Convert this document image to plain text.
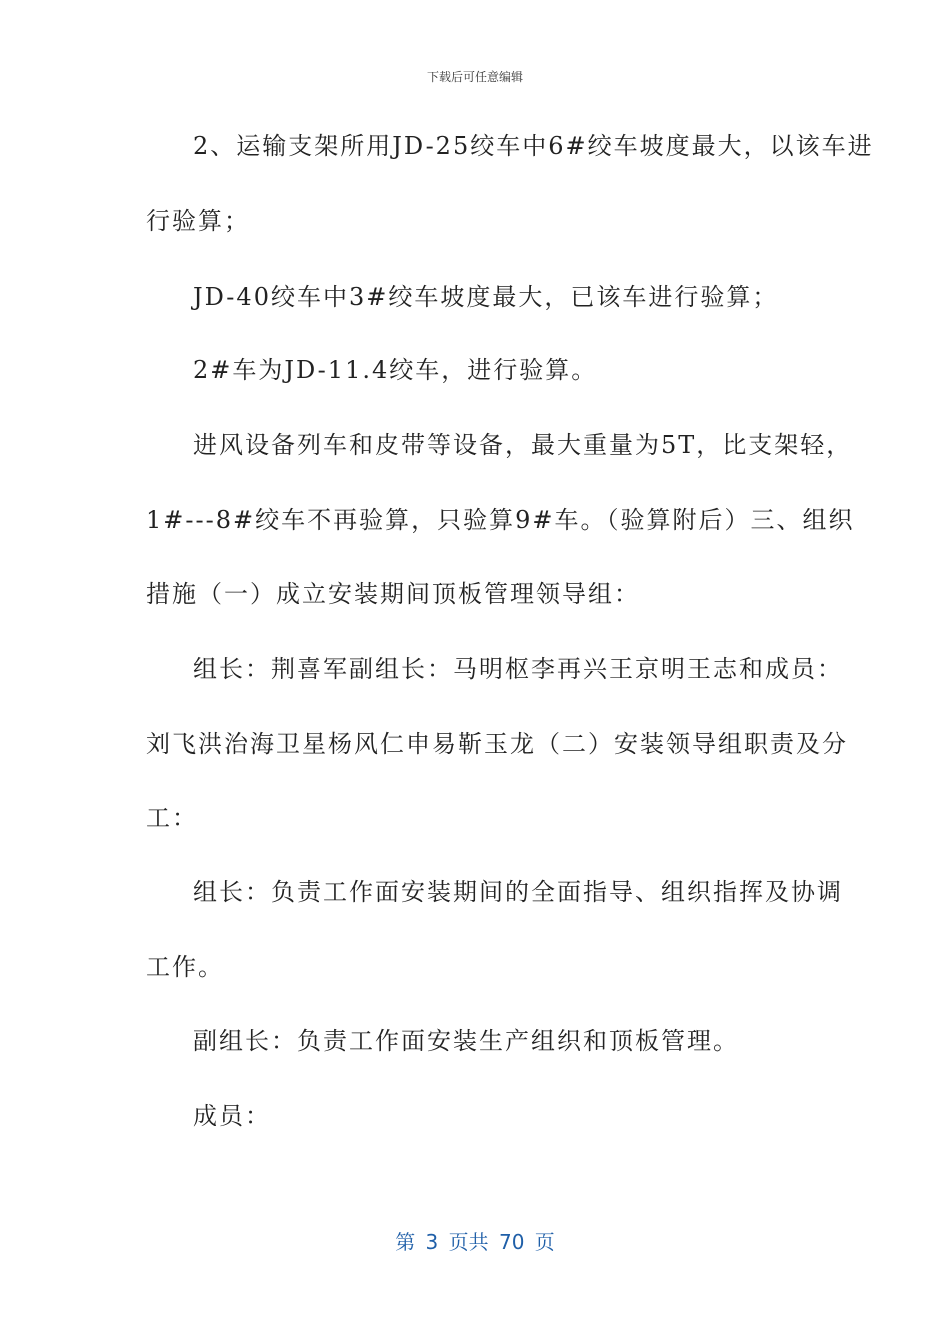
下载后可任意编辑
2、运输支架所用JD-25绞车中6#绞车坡度最大，以该车进
行验算；
JD-40绞车中3#绞车坡度最大，已该车进行验算；
2#车为JD-11.4绞车，进行验算。
进风设备列车和皮带等设备，最大重量为5T，比支架轻，
1#---8#绞车不再验算，只验算9#车。（验算附后）三、组织
措施（一）成立安装期间顶板管理领导组：
组长：荆喜军副组长：马明枢李再兴王京明王志和成员：
刘飞洪治海卫星杨风仁申易靳玉龙（二）安装领导组职责及分
工：
组长：负责工作面安装期间的全面指导、组织指挥及协调
工作。
副组长：负责工作面安装生产组织和顶板管理。
成员：
第 3 页共 70 页
